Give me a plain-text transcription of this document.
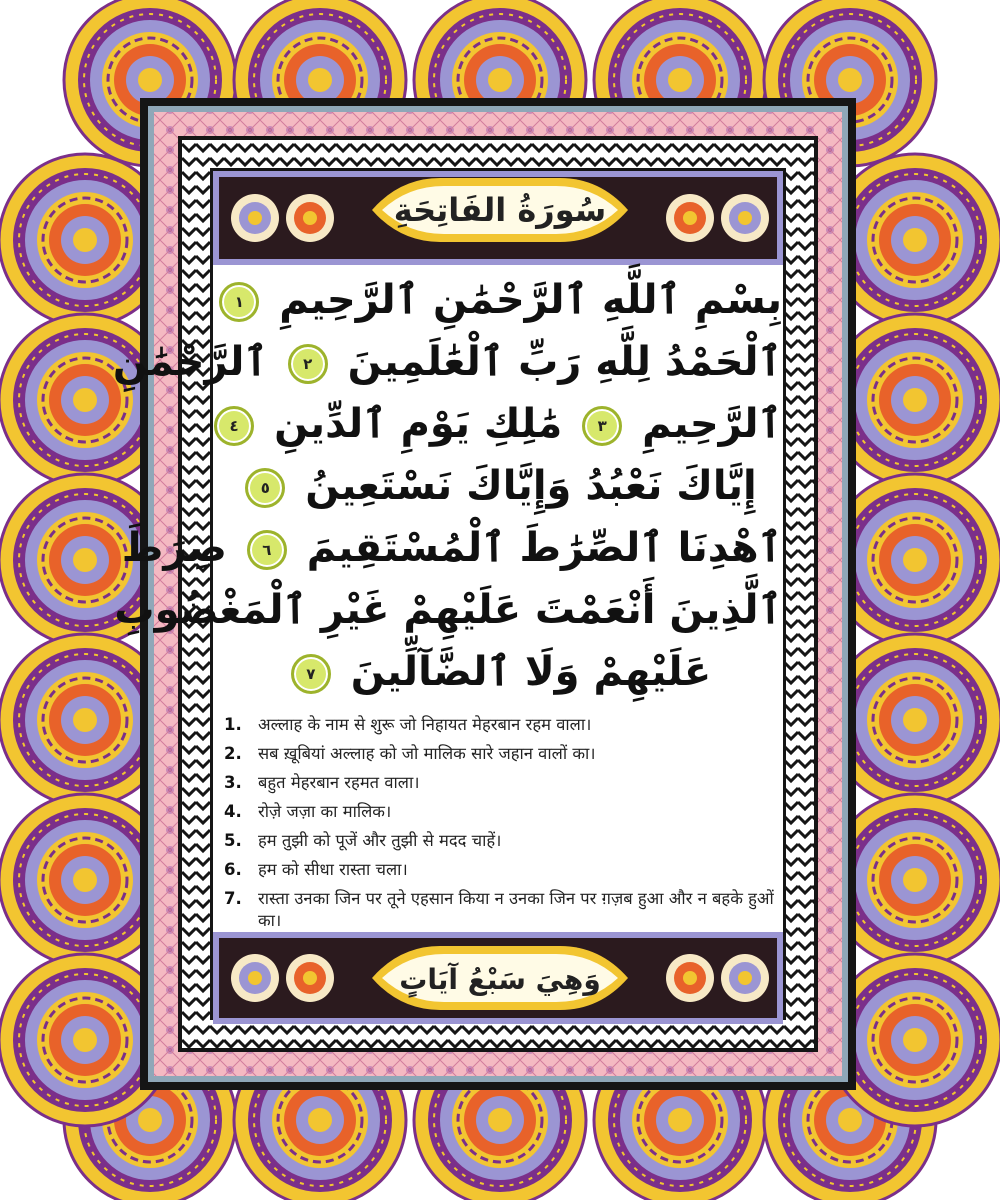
سُورَةُ الفَاتِحَةِ
بِسْمِ ٱللَّهِ ٱلرَّحْمَٰنِ ٱلرَّحِيمِ ١
ٱلْحَمْدُ لِلَّهِ رَبِّ ٱلْعَٰلَمِينَ ٢ ٱلرَّحْمَٰنِ
ٱلرَّحِيمِ ٣ مَٰلِكِ يَوْمِ ٱلدِّينِ ٤
إِيَّاكَ نَعْبُدُ وَإِيَّاكَ نَسْتَعِينُ ٥
ٱهْدِنَا ٱلصِّرَٰطَ ٱلْمُسْتَقِيمَ ٦ صِرَٰطَ
ٱلَّذِينَ أَنْعَمْتَ عَلَيْهِمْ غَيْرِ ٱلْمَغْضُوبِ
عَلَيْهِمْ وَلَا ٱلضَّآلِّينَ ٧
1. अल्लाह के नाम से शुरू जो निहायत मेहरबान रहम वाला।
2. सब ख़ूबियां अल्लाह को जो मालिक सारे जहान वालों का।
3. बहुत मेहरबान रहमत वाला।
4. रोज़े जज़ा का मालिक।
5. हम तुझी को पूजें और तुझी से मदद चाहें।
6. हम को सीधा रास्ता चला।
7. रास्ता उनका जिन पर तूने एहसान किया न उनका जिन पर ग़ज़ब हुआ और न बहके हुओं का।
وَهِيَ سَبْعُ آيَاتٍ
